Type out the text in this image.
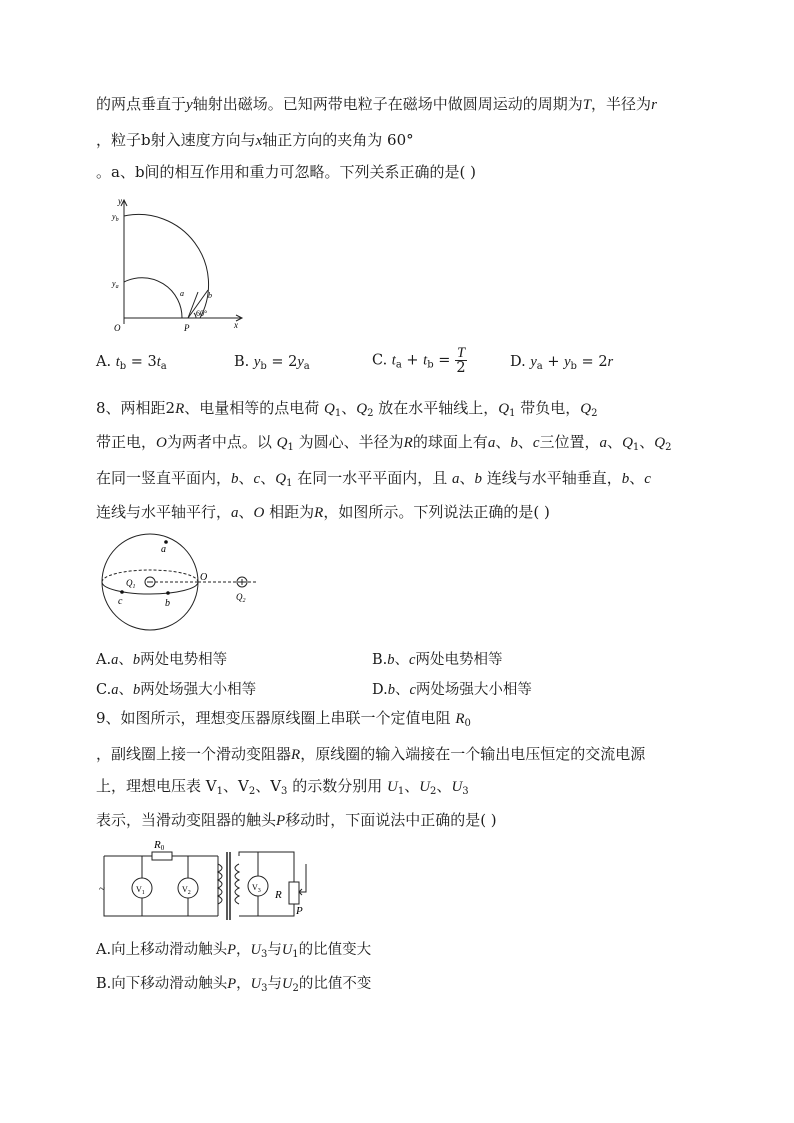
的两点垂直于y轴射出磁场。已知两带电粒子在磁场中做圆周运动的周期为T，半径为r
，粒子b射入速度方向与x轴正方向的夹角为 60°
。a、b间的相互作用和重力可忽略。下列关系正确的是( )
y
$y_b$
$y_a$
O	P	x
a	b
60°
A. $t_b = 3t_a$	B. $y_b = 2y_a$	C. $t_a + t_b = \frac{T}{2}$	D. $y_a + y_b = 2r$
8、两相距2R、电量相等的点电荷 $Q_1$、$Q_2$ 放在水平轴线上，$Q_1$ 带负电，$Q_2$
带正电，O为两者中点。以 $Q_1$ 为圆心、半径为R的球面上有a、b、c三位置，a、$Q_1$、$Q_2$
在同一竖直平面内，b、c、$Q_1$ 在同一水平平面内，且 a、b 连线与水平轴垂直，b、c
连线与水平轴平行，a、O 相距为R，如图所示。下列说法正确的是( )
a
c	b
O
$Q_1$
$Q_2$
A.a、b两处电势相等	B.b、c两处电势相等
C.a、b两处场强大小相等	D.b、c两处场强大小相等
9、如图所示，理想变压器原线圈上串联一个定值电阻 $R_0$
，副线圈上接一个滑动变阻器R，原线圈的输入端接在一个输出电压恒定的交流电源
上，理想电压表 $V_1$、$V_2$、$V_3$ 的示数分别用 $U_1$、$U_2$、$U_3$
表示，当滑动变阻器的触头P移动时，下面说法中正确的是( )
~
R0
$V_1$	$V_2$
$V_3$ R
P
A.向上移动滑动触头P，$U_3$与$U_1$的比值变大
B.向下移动滑动触头P，$U_3$与$U_2$的比值不变
